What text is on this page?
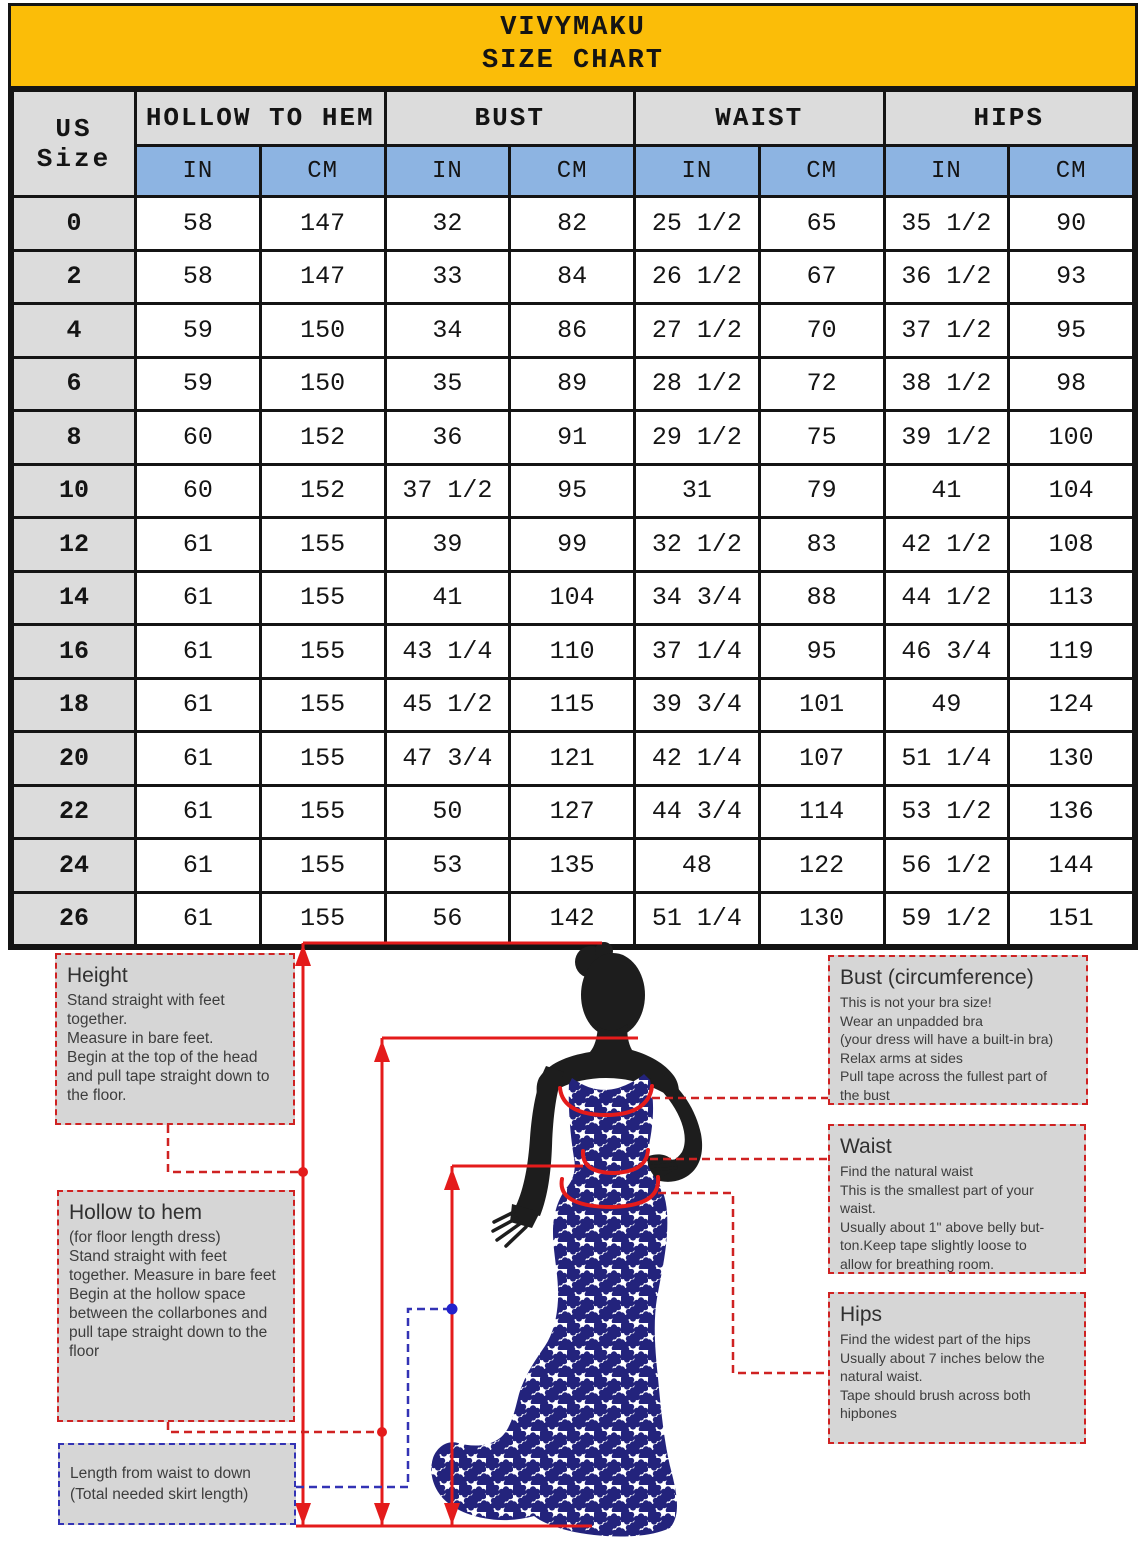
VIVYMAKU
SIZE CHART
US Size	HOLLOW TO HEM		BUST		WAIST		HIPS	
	IN	CM	IN	CM	IN	CM	IN	CM
0	58	147	32	82	25 1/2	65	35 1/2	90
2	58	147	33	84	26 1/2	67	36 1/2	93
4	59	150	34	86	27 1/2	70	37 1/2	95
6	59	150	35	89	28 1/2	72	38 1/2	98
8	60	152	36	91	29 1/2	75	39 1/2	100
10	60	152	37 1/2	95	31	79	41	104
12	61	155	39	99	32 1/2	83	42 1/2	108
14	61	155	41	104	34 3/4	88	44 1/2	113
16	61	155	43 1/4	110	37 1/4	95	46 3/4	119
18	61	155	45 1/2	115	39 3/4	101	49	124
20	61	155	47 3/4	121	42 1/4	107	51 1/4	130
22	61	155	50	127	44 3/4	114	53 1/2	136
24	61	155	53	135	48	122	56 1/2	144
26	61	155	56	142	51 1/4	130	59 1/2	151
Height
Stand straight with feet
together.
Measure in bare feet.
Begin at the top of the head
and pull tape straight down to
the floor.
Hollow to hem
(for floor length dress)
Stand straight with feet
together. Measure in bare feet
Begin at the hollow space
between the collarbones and
pull tape straight down to the
floor
Length from waist to down
(Total needed skirt length)
Bust (circumference)
This is not your bra size!
Wear an unpadded bra
(your dress will have a built-in bra)
Relax arms at sides
Pull tape across the fullest part of
the bust
Waist
Find the natural waist
This is the smallest part of your
waist.
Usually about 1" above belly but-
ton.Keep tape slightly loose to
allow for breathing room.
Hips
Find the widest part of the hips
Usually about 7 inches below the
natural waist.
Tape should brush across both
hipbones
